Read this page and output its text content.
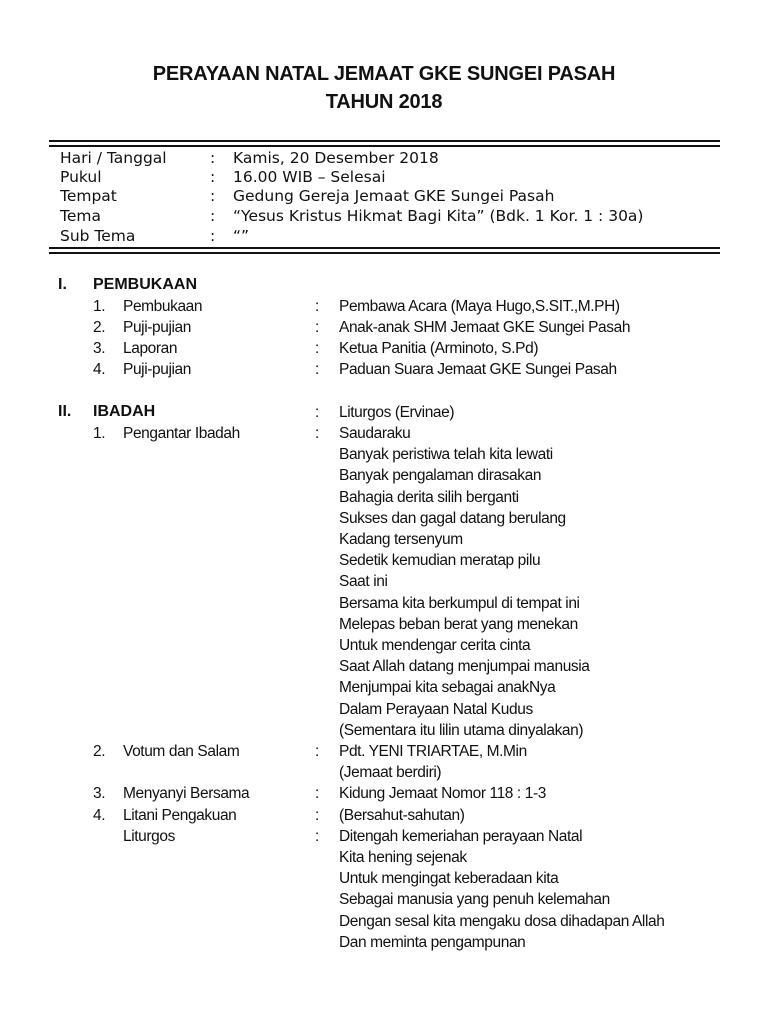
PERAYAAN NATAL JEMAAT GKE SUNGEI PASAH
TAHUN 2018
Hari / Tanggal	: Kamis, 20 Desember 2018
Pukul	: 16.00 WIB – Selesai
Tempat	: Gedung Gereja Jemaat GKE Sungei Pasah
Tema	: “Yesus Kristus Hikmat Bagi Kita” (Bdk. 1 Kor. 1 : 30a)
Sub Tema	: “”
I. PEMBUKAAN
1. Pembukaan	: Pembawa Acara (Maya Hugo,S.SIT.,M.PH)
2. Puji-pujian	: Anak-anak SHM Jemaat GKE Sungei Pasah
3. Laporan	: Ketua Panitia (Arminoto, S.Pd)
4. Puji-pujian	: Paduan Suara Jemaat GKE Sungei Pasah
II. IBADAH	: Liturgos (Ervinae)
1. Pengantar Ibadah	: Saudaraku
Banyak peristiwa telah kita lewati
Banyak pengalaman dirasakan
Bahagia derita silih berganti
Sukses dan gagal datang berulang
Kadang tersenyum
Sedetik kemudian meratap pilu
Saat ini
Bersama kita berkumpul di tempat ini
Melepas beban berat yang menekan
Untuk mendengar cerita cinta
Saat Allah datang menjumpai manusia
Menjumpai kita sebagai anakNya
Dalam Perayaan Natal Kudus
(Sementara itu lilin utama dinyalakan)
2. Votum dan Salam	: Pdt. YENI TRIARTAE, M.Min
(Jemaat berdiri)
3. Menyanyi Bersama	: Kidung Jemaat Nomor 118 : 1-3
4. Litani Pengakuan	: (Bersahut-sahutan)
Liturgos	: Ditengah kemeriahan perayaan Natal
Kita hening sejenak
Untuk mengingat keberadaan kita
Sebagai manusia yang penuh kelemahan
Dengan sesal kita mengaku dosa dihadapan Allah
Dan meminta pengampunan
